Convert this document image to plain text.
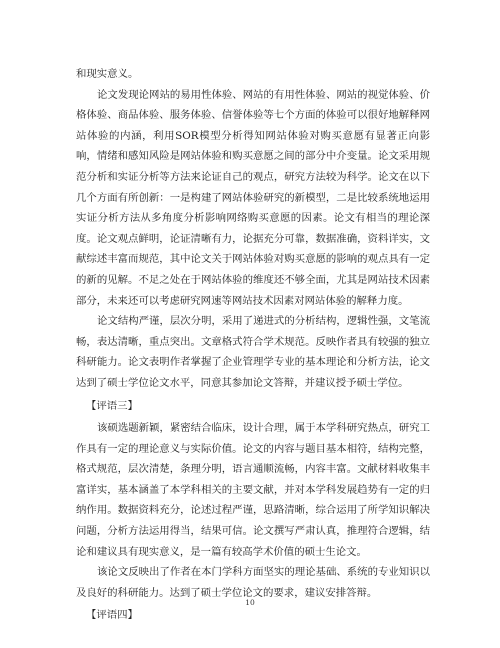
和现实意义。

论文发现论网站的易用性体验、网站的有用性体验、网站的视觉体验、价格体验、商品体验、服务体验、信誉体验等七个方面的体验可以很好地解释网站体验的内涵，利用SOR模型分析得知网站体验对购买意愿有显著正向影响，情绪和感知风险是网站体验和购买意愿之间的部分中介变量。论文采用规范分析和实证分析等方法来论证自己的观点，研究方法较为科学。论文在以下几个方面有所创新：一是构建了网站体验研究的新模型，二是比较系统地运用实证分析方法从多角度分析影响网络购买意愿的因素。论文有相当的理论深度。论文观点鲜明，论证清晰有力，论据充分可靠，数据准确，资料详实，文献综述丰富而规范，其中论文关于网站体验对购买意愿的影响的观点具有一定的新的见解。不足之处在于网站体验的维度还不够全面，尤其是网站技术因素部分，未来还可以考虑研究网速等网站技术因素对网站体验的解释力度。

论文结构严谨，层次分明，采用了递进式的分析结构，逻辑性强，文笔流畅，表达清晰，重点突出。文章格式符合学术规范。反映作者具有较强的独立科研能力。论文表明作者掌握了企业管理学专业的基本理论和分析方法，论文达到了硕士学位论文水平，同意其参加论文答辩，并建议授予硕士学位。

【评语三】

该硕选题新颖，紧密结合临床，设计合理，属于本学科研究热点，研究工作具有一定的理论意义与实际价值。论文的内容与题目基本相符，结构完整，格式规范，层次清楚，条理分明，语言通顺流畅，内容丰富。文献材料收集丰富详实，基本涵盖了本学科相关的主要文献，并对本学科发展趋势有一定的归纳作用。数据资料充分，论述过程严谨，思路清晰，综合运用了所学知识解决问题，分析方法运用得当，结果可信。论文撰写严肃认真，推理符合逻辑，结论和建议具有现实意义，是一篇有较高学术价值的硕士生论文。

该论文反映出了作者在本门学科方面坚实的理论基础、系统的专业知识以及良好的科研能力。达到了硕士学位论文的要求，建议安排答辩。

【评语四】

10
